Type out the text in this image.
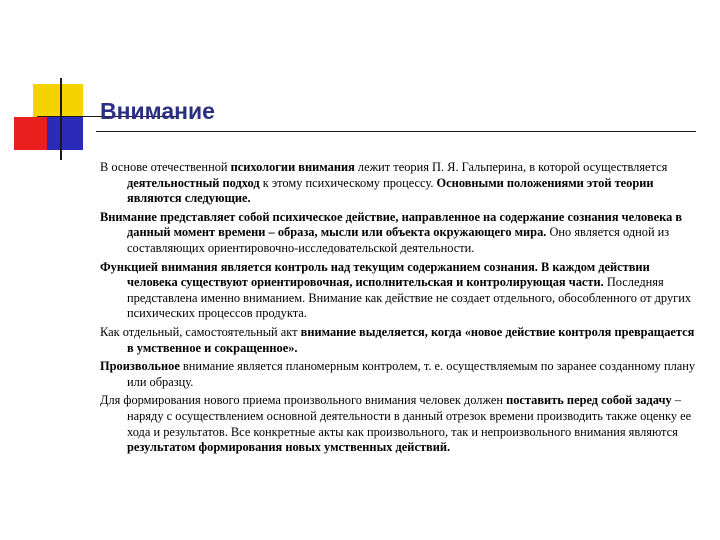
Внимание

В основе отечественной психологии внимания лежит теория П. Я. Гальперина, в которой осуществляется деятельностный подход к этому психическому процессу. Основными положениями этой теории являются следующие.

Внимание представляет собой психическое действие, направленное на содержание сознания человека в данный момент времени – образа, мысли или объекта окружающего мира. Оно является одной из составляющих ориентировочно-исследовательской деятельности.

Функцией внимания является контроль над текущим содержанием сознания. В каждом действии человека существуют ориентировочная, исполнительская и контролирующая части. Последняя представлена именно вниманием. Внимание как действие не создает отдельного, обособленного от других психических процессов продукта.

Как отдельный, самостоятельный акт внимание выделяется, когда «новое действие контроля превращается в умственное и сокращенное».

Произвольное внимание является планомерным контролем, т. е. осуществляемым по заранее созданному плану или образцу.

Для формирования нового приема произвольного внимания человек должен поставить перед собой задачу – наряду с осуществлением основной деятельности в данный отрезок времени производить также оценку ее хода и результатов. Все конкретные акты как произвольного, так и непроизвольного внимания являются результатом формирования новых умственных действий.
